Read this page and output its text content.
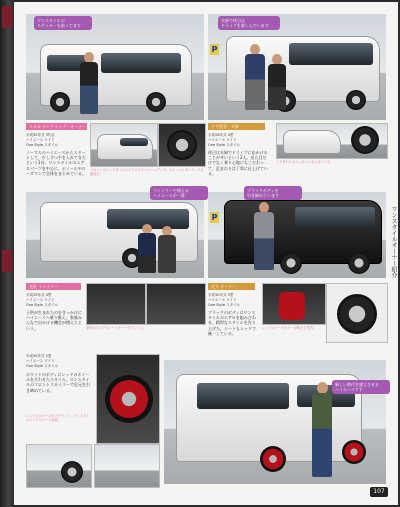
ワンスタイルの
ステッカーも貼ってます
ユタカ タンクトップ・オーナー
平成30年式 3代目
ハイエース ワイド
One Style スタイル
ノーマルのハイエースからスタートして、少しずつ手を入れてきたという1台。ワンスタイルのエアロパーツを中心に、ホイールやローダウンで全体をまとめている。
フロントはワンスタイルのエアロでボリュームアップ。ホイールとのバランスも絶妙だ。
P
夫婦で休日は
ドライブを楽しんでいます
十字型君・夫婦
平成28年式 4型
ハイエース ワイド
One Style スタイル
休日は夫婦でドライブに出かけることが多いという2人。見た目だけでなく乗り心地にもこだわって、足まわりは丁寧に仕上げている。
リヤまわりもスッキリとまとめている。
ファミリーで使える
ハイエースが一番！
光紅 ファミリー
平成29年式 4型
ハイエース ワイド
One Style スタイル
子供が生まれたのをきっかけにハイエースへ乗り換え。家族みんなで出かける機会が増えたという。	室内はフロアやシートカバーでアレンジ。
P
ブラックボディを
引き締めています
佐大 オーナー
平成30年式 5型
ハイエース ワイド
One Style スタイル
ブラックのボディにワンスタイルのエアロを組み合わせ、精悍なスタイルを作り上げた。シートもレッドで統一している。
レッドのシートカバーが映える室内。
平成30年式 5型
ハイエース ワイド
One Style スタイル
ホワイトのボディにレッドのホイールを合わせたスタイル。ワンスタイルのフロントスポイラーで足元を引き締めている。
レッドのホイールがアクセント。ワンスタイルのエアロパーツ装着。
新しい時代を感じさせる
ハイエースです
ワンスタイルオーナー紹介
107
